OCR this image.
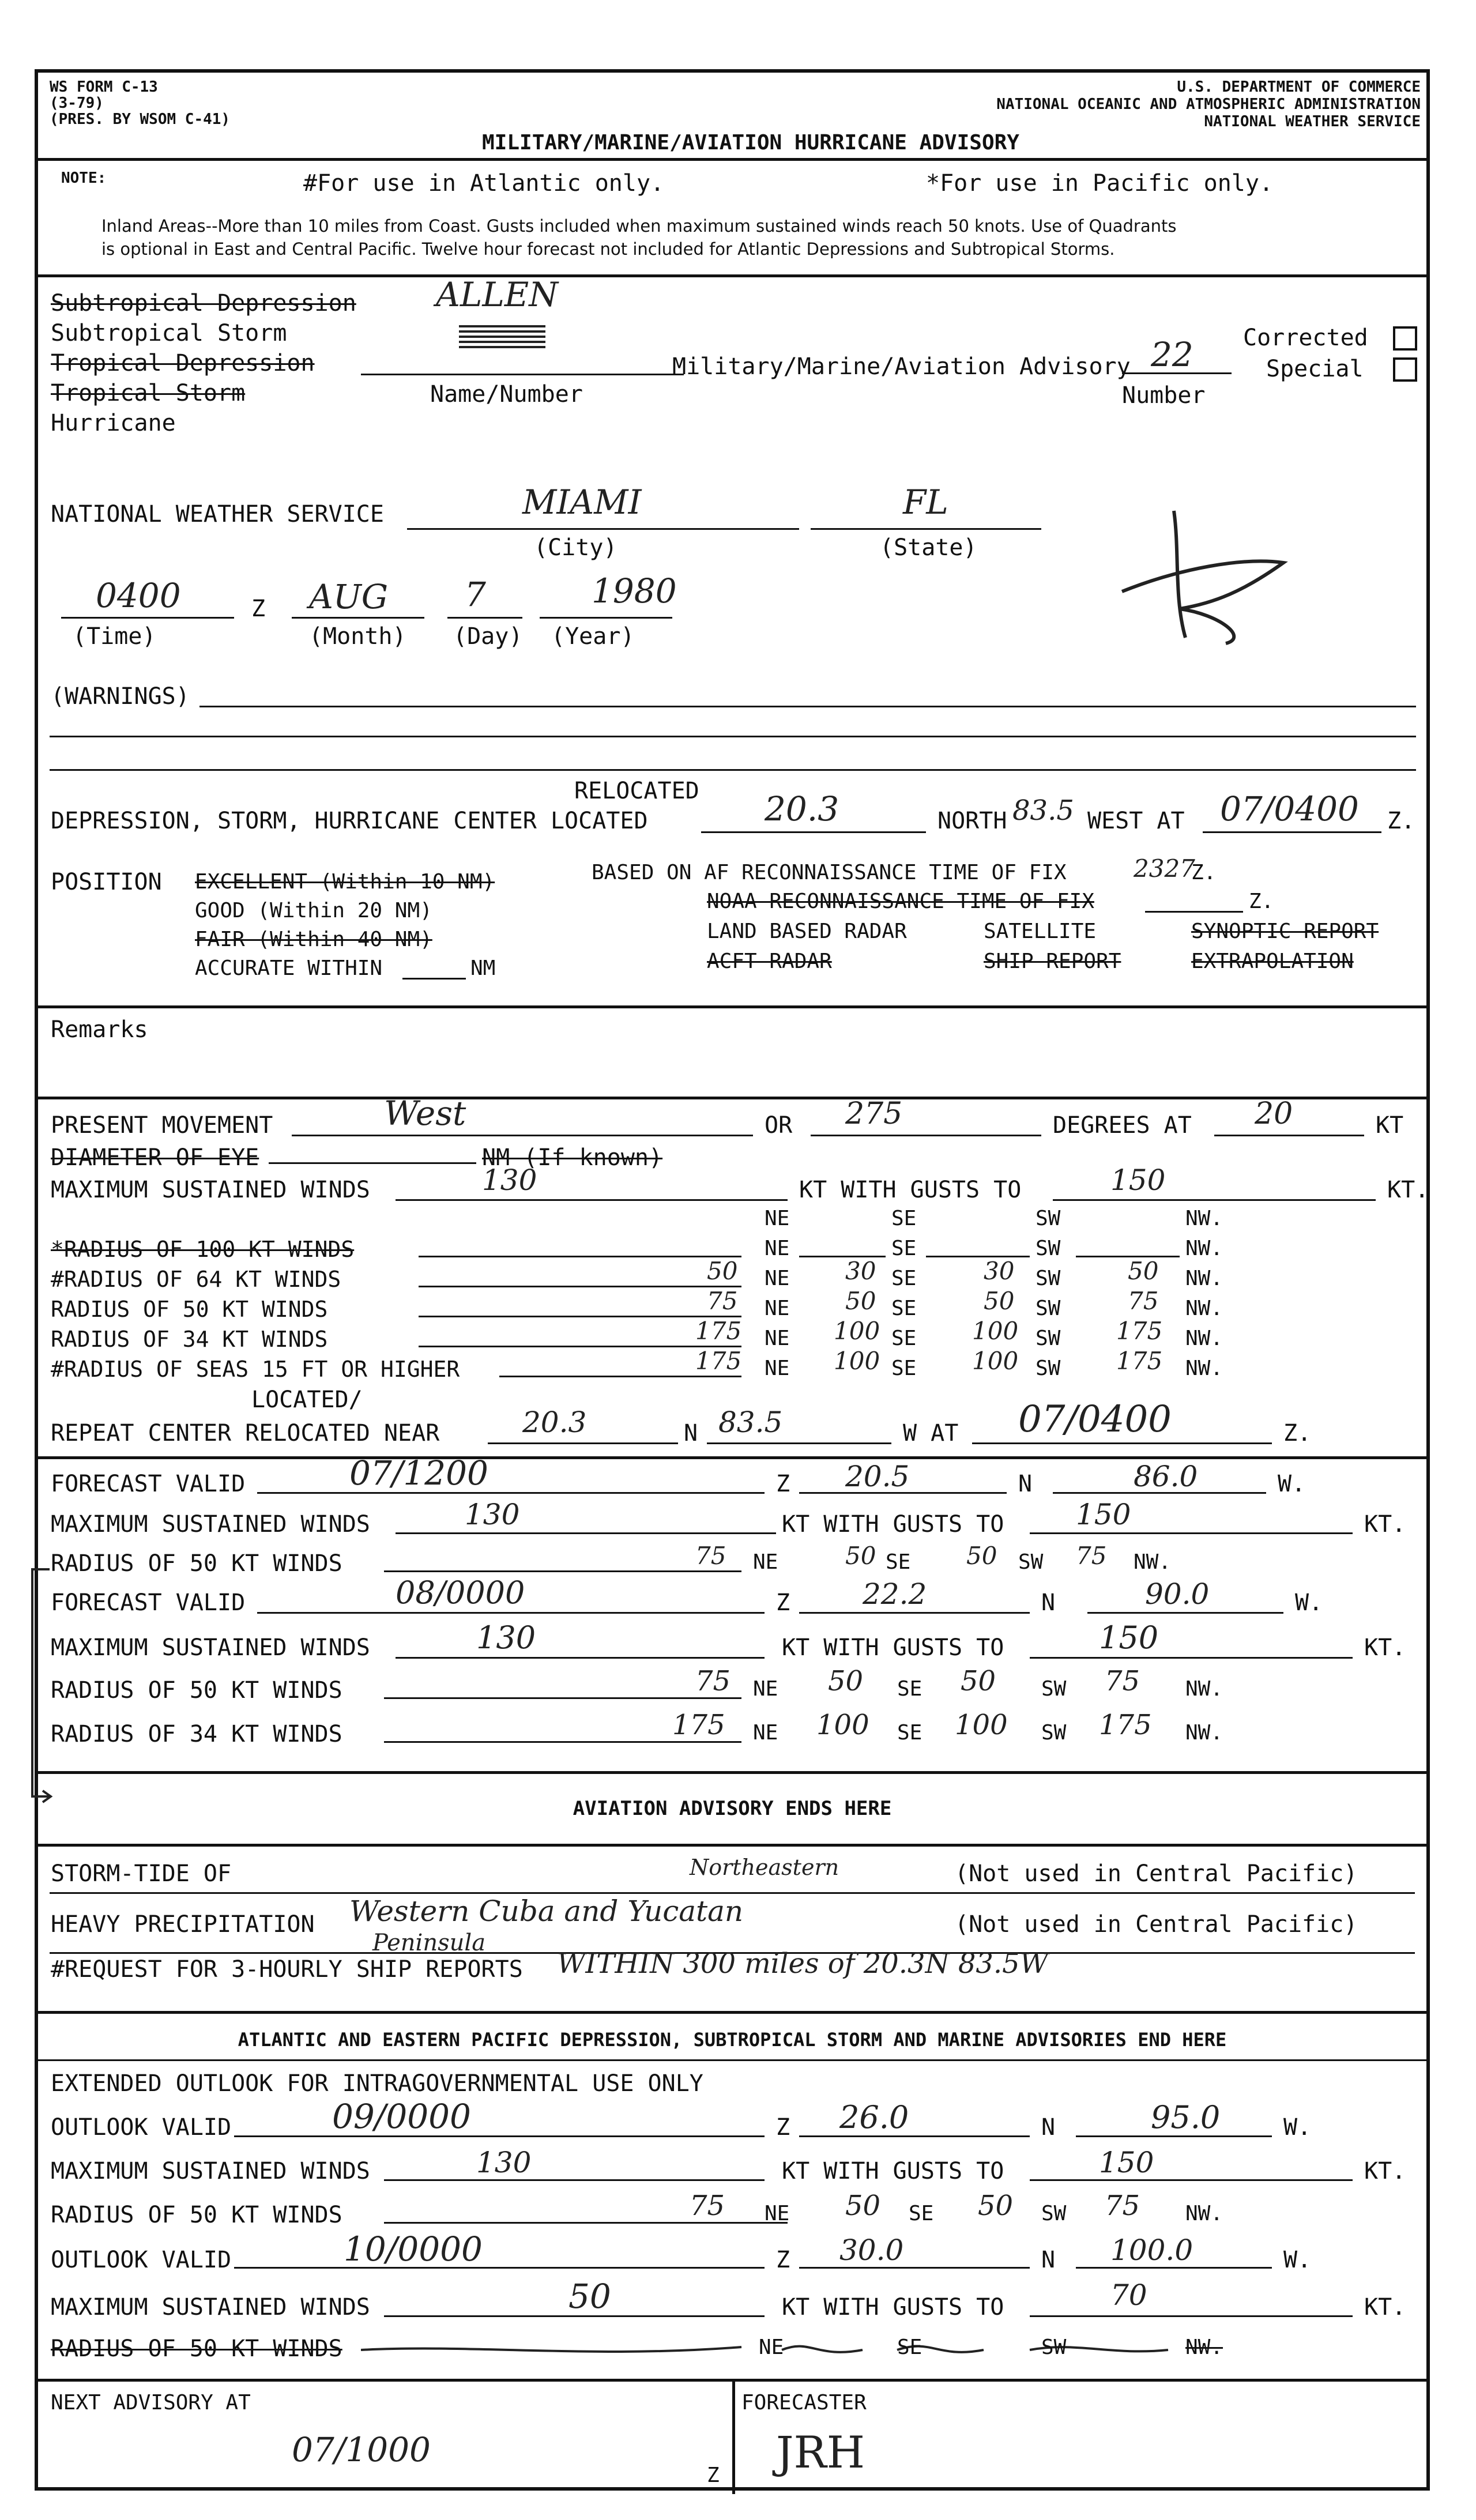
WS FORM C-13
(3-79)
(PRES. BY WSOM C-41)
U.S. DEPARTMENT OF COMMERCE
NATIONAL OCEANIC AND ATMOSPHERIC ADMINISTRATION
NATIONAL WEATHER SERVICE
MILITARY/MARINE/AVIATION HURRICANE ADVISORY
NOTE:	#For use in Atlantic only.	*For use in Pacific only.
Inland Areas--More than 10 miles from Coast. Gusts included when maximum sustained winds reach 50 knots. Use of Quadrants
is optional in East and Central Pacific. Twelve hour forecast not included for Atlantic Depressions and Subtropical Storms.
Subtropical Depression
Subtropical Storm
Tropical Depression
Tropical Storm
Hurricane
ALLEN
Name/Number
Military/Marine/Aviation Advisory 22
Number
Corrected
Special
NATIONAL WEATHER SERVICE	MIAMI
(City)
FL
(State)
0400
(Time)
Z AUG
(Month)
7
(Day)
1980
(Year)
(WARNINGS)
RELOCATED
DEPRESSION, STORM, HURRICANE CENTER LOCATED	20.3	NORTH 83.5 WEST AT 07/0400 Z.
POSITION EXCELLENT (Within 10 NM)
GOOD (Within 20 NM)
FAIR (Within 40 NM)
ACCURATE WITHIN	NM
BASED ON AF RECONNAISSANCE TIME OF FIX	2327
Z.
NOAA RECONNAISSANCE TIME OF FIX	Z.
LAND BASED RADAR	SATELLITE	SYNOPTIC REPORT
ACFT RADAR	SHIP REPORT	EXTRAPOLATION
Remarks
PRESENT MOVEMENT	West	OR 275	DEGREES AT 20	KT
DIAMETER OF EYE	NM (If known)
MAXIMUM SUSTAINED WINDS	130	KT WITH GUSTS TO	150	KT.
NE	SE	SW	NW.
*RADIUS OF 100 KT WINDS	NE	SE	SW	NW.
#RADIUS OF 64 KT WINDS	50 NE 30 SE	30 SW	50 NW.
RADIUS OF 50 KT WINDS	75 NE 50 SE	50 SW	75 NW.
RADIUS OF 34 KT WINDS	175 NE 100 SE 100 SW 175 NW.
#RADIUS OF SEAS 15 FT OR HIGHER	175 NE 100 SE 100 SW 175 NW.
LOCATED/
REPEAT CENTER RELOCATED NEAR	20.3	N 83.5	W AT 07/0400	Z.
FORECAST VALID	07/1200	Z 20.5	N	86.0	W.
MAXIMUM SUSTAINED WINDS	130	KT WITH GUSTS TO 150	KT.
RADIUS OF 50 KT WINDS	75 NE	50 SE 50 SW 75 NW.
FORECAST VALID	08/0000	Z	22.2	N	90.0	W.
MAXIMUM SUSTAINED WINDS	130	KT WITH GUSTS TO	150	KT.
RADIUS OF 50 KT WINDS	75 NE 50 SE 50 SW 75 NW.
RADIUS OF 34 KT WINDS	175 NE 100 SE 100 SW 175 NW.
AVIATION ADVISORY ENDS HERE
STORM-TIDE OF	(Not used in Central Pacific)
Northeastern
HEAVY PRECIPITATION Western Cuba and Yucatan
Peninsula
(Not used in Central Pacific)
#REQUEST FOR 3-HOURLY SHIP REPORTS WITHIN 300 miles of 20.3N 83.5W
ATLANTIC AND EASTERN PACIFIC DEPRESSION, SUBTROPICAL STORM AND MARINE ADVISORIES END HERE
EXTENDED OUTLOOK FOR INTRAGOVERNMENTAL USE ONLY
OUTLOOK VALID	09/0000	Z 26.0	N	95.0	W.
MAXIMUM SUSTAINED WINDS	130	KT WITH GUSTS TO	150	KT.
RADIUS OF 50 KT WINDS	75 NE 50 SE 50 SW 75 NW.
OUTLOOK VALID	10/0000	Z 30.0	N 100.0	W.
MAXIMUM SUSTAINED WINDS	50	KT WITH GUSTS TO	70	KT.
RADIUS OF 50 KT WINDS	NE	SE	SW	NW.
NEXT ADVISORY AT
07/1000
Z
FORECASTER
JRH
